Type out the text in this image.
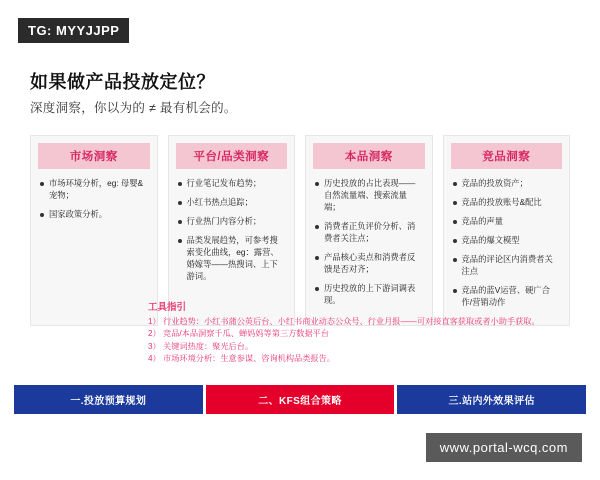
TG: MYYJJPP
如果做产品投放定位？
深度洞察，你以为的 ≠ 最有机会的。
市场洞察
市场环境分析，eg: 母婴&宠物；
国家政策分析。
平台/品类洞察
行业笔记发布趋势；
小红书热点追踪；
行业热门内容分析；
品类发展趋势，可参考搜索变化曲线，eg：露营、婚嫁等——热搜词、上下游词。
本品洞察
历史投放的占比表现——自然流量端、搜索流量端；
消费者正负评价分析、消费者关注点；
产品核心卖点和消费者反馈是否对齐；
历史投放的上下游词调表现。
竞品洞察
竞品的投放资产；
竞品的投放账号&配比
竞品的声量
竞品的爆文模型
竞品的评论区内消费者关注点
竞品的蓝V运营、硬广合作/营销动作
工具指引
1） 行业趋势：小红书蒲公英后台、小红书商业动态公众号、行业月报——可对接直客获取或者小助手获取。
2） 竞品/本品洞察千瓜、蝉妈妈等第三方数据平台
3） 关键词热度：聚光后台。
4） 市场环境分析：生意参谋、咨询机构品类报告。
一.投放预算规划	二、KFS组合策略	三.站内外效果评估
www.portal-wcq.com
